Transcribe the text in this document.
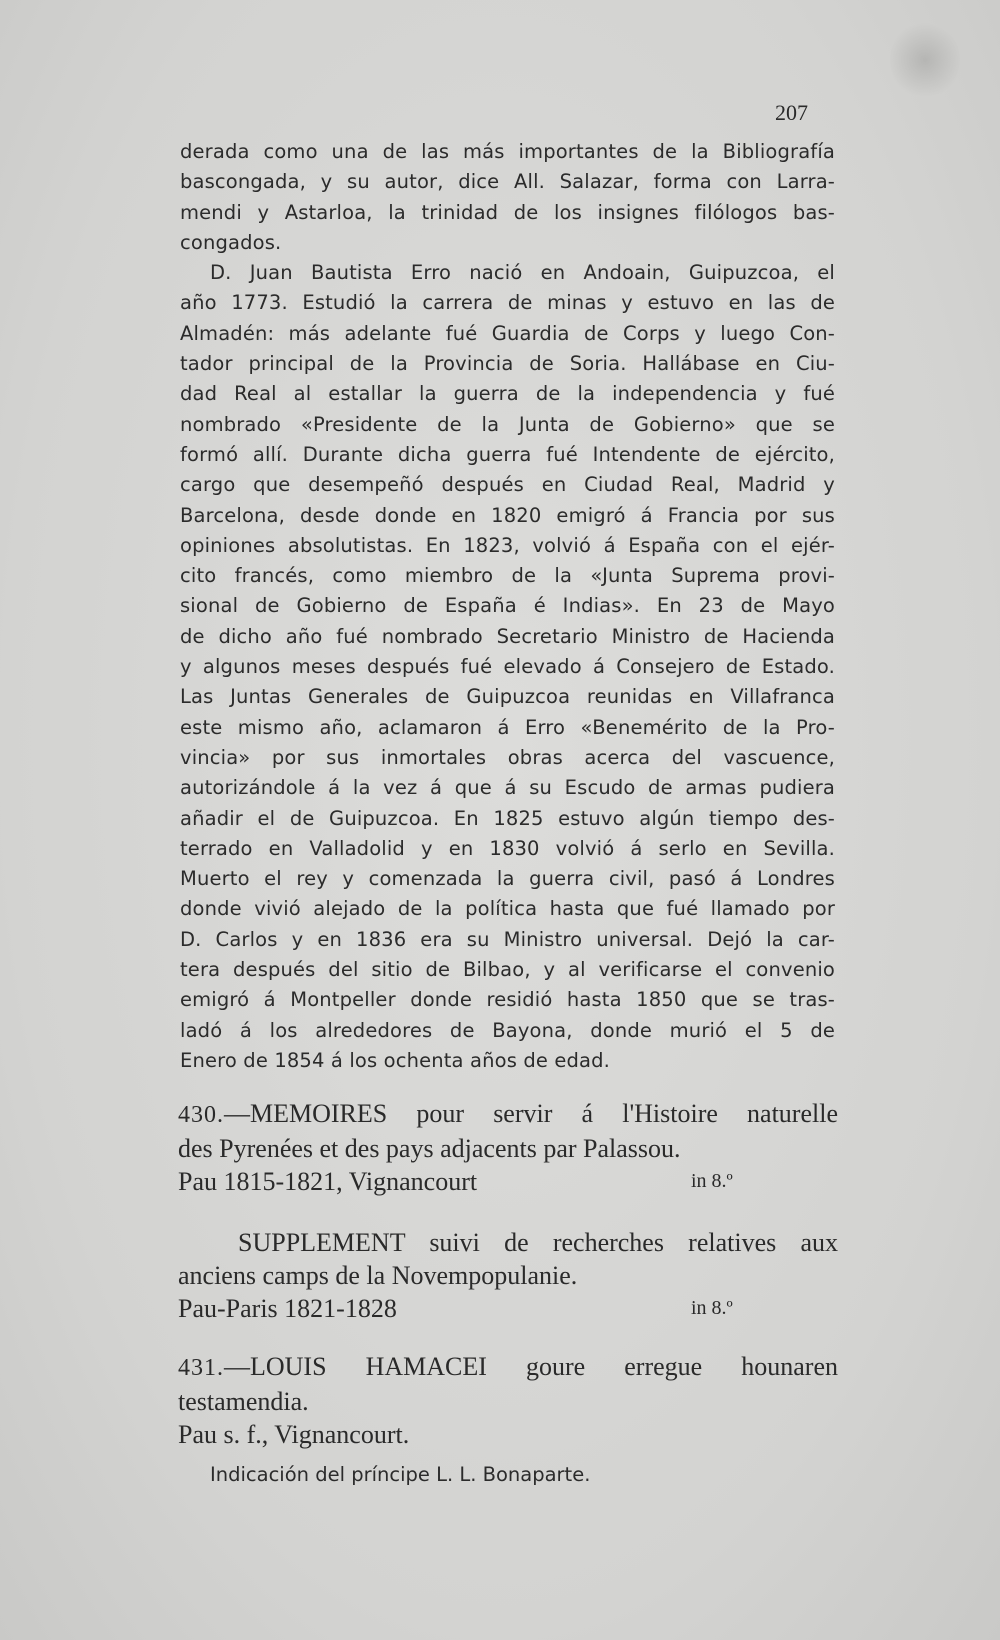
207
derada como una de las más importantes de la Bibliografía
bascongada, y su autor, dice All. Salazar, forma con Larra-
mendi y Astarloa, la trinidad de los insignes filólogos bas-
congados.
D. Juan Bautista Erro nació en Andoain, Guipuzcoa, el
año 1773. Estudió la carrera de minas y estuvo en las de
Almadén: más adelante fué Guardia de Corps y luego Con-
tador principal de la Provincia de Soria. Hallábase en Ciu-
dad Real al estallar la guerra de la independencia y fué
nombrado «Presidente de la Junta de Gobierno» que se
formó allí. Durante dicha guerra fué Intendente de ejército,
cargo que desempeñó después en Ciudad Real, Madrid y
Barcelona, desde donde en 1820 emigró á Francia por sus
opiniones absolutistas. En 1823, volvió á España con el ejér-
cito francés, como miembro de la «Junta Suprema provi-
sional de Gobierno de España é Indias». En 23 de Mayo
de dicho año fué nombrado Secretario Ministro de Hacienda
y algunos meses después fué elevado á Consejero de Estado.
Las Juntas Generales de Guipuzcoa reunidas en Villafranca
este mismo año, aclamaron á Erro «Benemérito de la Pro-
vincia» por sus inmortales obras acerca del vascuence,
autorizándole á la vez á que á su Escudo de armas pudiera
añadir el de Guipuzcoa. En 1825 estuvo algún tiempo des-
terrado en Valladolid y en 1830 volvió á serlo en Sevilla.
Muerto el rey y comenzada la guerra civil, pasó á Londres
donde vivió alejado de la política hasta que fué llamado por
D. Carlos y en 1836 era su Ministro universal. Dejó la car-
tera después del sitio de Bilbao, y al verificarse el convenio
emigró á Montpeller donde residió hasta 1850 que se tras-
ladó á los alrededores de Bayona, donde murió el 5 de
Enero de 1854 á los ochenta años de edad.
430.—MEMOIRES pour servir á l'Histoire naturelle
des Pyrenées et des pays adjacents par Palassou.
Pau 1815-1821, Vignancourt	in 8.º
SUPPLEMENT suivi de recherches relatives aux
anciens camps de la Novempopulanie.
Pau-Paris 1821-1828	in 8.º
431.—LOUIS HAMACEI goure erregue hounaren
testamendia.
Pau s. f., Vignancourt.
Indicación del príncipe L. L. Bonaparte.
